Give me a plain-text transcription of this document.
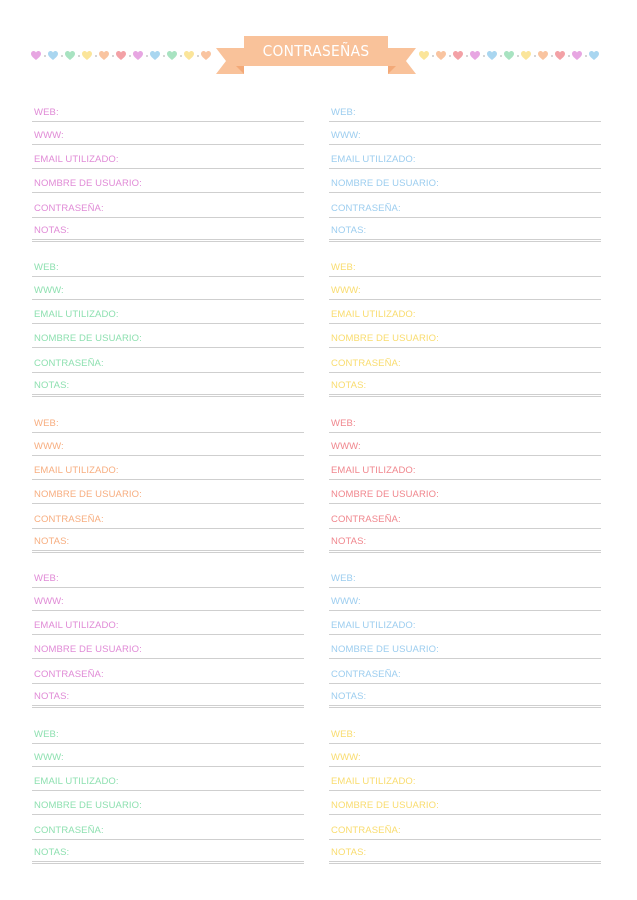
CONTRASEÑAS
WEB:
WWW:
EMAIL UTILIZADO:
NOMBRE DE USUARIO:
CONTRASEÑA:
NOTAS:
WEB:
WWW:
EMAIL UTILIZADO:
NOMBRE DE USUARIO:
CONTRASEÑA:
NOTAS:
WEB:
WWW:
EMAIL UTILIZADO:
NOMBRE DE USUARIO:
CONTRASEÑA:
NOTAS:
WEB:
WWW:
EMAIL UTILIZADO:
NOMBRE DE USUARIO:
CONTRASEÑA:
NOTAS:
WEB:
WWW:
EMAIL UTILIZADO:
NOMBRE DE USUARIO:
CONTRASEÑA:
NOTAS:
WEB:
WWW:
EMAIL UTILIZADO:
NOMBRE DE USUARIO:
CONTRASEÑA:
NOTAS:
WEB:
WWW:
EMAIL UTILIZADO:
NOMBRE DE USUARIO:
CONTRASEÑA:
NOTAS:
WEB:
WWW:
EMAIL UTILIZADO:
NOMBRE DE USUARIO:
CONTRASEÑA:
NOTAS:
WEB:
WWW:
EMAIL UTILIZADO:
NOMBRE DE USUARIO:
CONTRASEÑA:
NOTAS:
WEB:
WWW:
EMAIL UTILIZADO:
NOMBRE DE USUARIO:
CONTRASEÑA:
NOTAS:
